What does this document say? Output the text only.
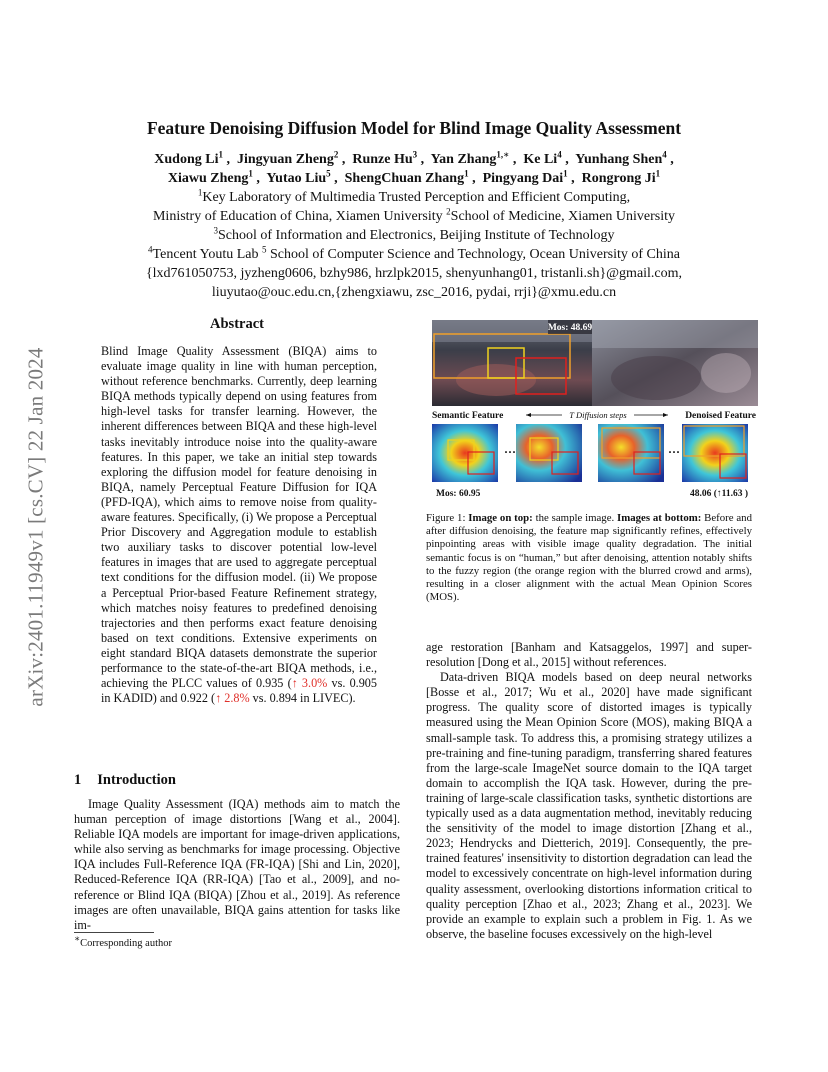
arXiv:2401.11949v1 [cs.CV] 22 Jan 2024
Feature Denoising Diffusion Model for Blind Image Quality Assessment
Xudong Li$^1$ ,  Jingyuan Zheng$^2$ ,  Runze Hu$^3$ ,  Yan Zhang$^{1,∗}$ ,  Ke Li$^4$ ,  Yunhang Shen$^4$ ,
Xiawu Zheng$^1$ ,  Yutao Liu$^5$ ,  ShengChuan Zhang$^1$ ,  Pingyang Dai$^1$ ,  Rongrong Ji$^1$
$^1$Key Laboratory of Multimedia Trusted Perception and Efficient Computing,
Ministry of Education of China, Xiamen University $^2$School of Medicine, Xiamen University
$^3$School of Information and Electronics, Beijing Institute of Technology
$^4$Tencent Youtu Lab $^5$ School of Computer Science and Technology, Ocean University of China
{lxd761050753, jyzheng0606, bzhy986, hrzlpk2015, shenyunhang01, tristanli.sh}@gmail.com,
liuyutao@ouc.edu.cn,{zhengxiawu, zsc_2016, pydai, rrji}@xmu.edu.cn
Abstract
Blind Image Quality Assessment (BIQA) aims to evaluate image quality in line with human perception, without reference benchmarks. Currently, deep learning BIQA methods typically depend on using features from high-level tasks for transfer learning. However, the inherent differences between BIQA and these high-level tasks inevitably introduce noise into the quality-aware features. In this paper, we take an initial step towards exploring the diffusion model for feature denoising in BIQA, namely Perceptual Feature Diffusion for IQA (PFD-IQA), which aims to remove noise from quality-aware features. Specifically, (i) We propose a Perceptual Prior Discovery and Aggregation module to establish two auxiliary tasks to discover potential low-level features in images that are used to aggregate perceptual text conditions for the diffusion model. (ii) We propose a Perceptual Prior-based Feature Refinement strategy, which matches noisy features to predefined denoising trajectories and then performs exact feature denoising based on text conditions. Extensive experiments on eight standard BIQA datasets demonstrate the superior performance to the state-of-the-art BIQA methods, i.e., achieving the PLCC values of 0.935 (↑ 3.0% vs. 0.905 in KADID) and 0.922 (↑ 2.8% vs. 0.894 in LIVEC).
1 Introduction

Image Quality Assessment (IQA) methods aim to match the human perception of image distortions [Wang et al., 2004]. Reliable IQA models are important for image-driven applications, while also serving as benchmarks for image processing. Objective IQA includes Full-Reference IQA (FR-IQA) [Shi and Lin, 2020], Reduced-Reference IQA (RR-IQA) [Tao et al., 2009], and no-reference or Blind IQA (BIQA) [Zhou et al., 2019]. As reference images are often unavailable, BIQA gains attention for tasks like im-

∗Corresponding author
Mos: 48.69
Semantic Feature	T Diffusion steps	Denoised Feature
···	···
Mos: 60.95	48.06 (↑11.63 )
Figure 1: Image on top: the sample image. Images at bottom: Before and after diffusion denoising, the feature map significantly refines, effectively pinpointing areas with visible image quality degradation. The initial semantic focus is on “human,” but after denoising, attention notably shifts to the fuzzy region (the orange region with the blurred crowd and arms), resulting in a closer alignment with the actual Mean Opinion Scores (MOS).

age restoration [Banham and Katsaggelos, 1997] and super-resolution [Dong et al., 2015] without references.

Data-driven BIQA models based on deep neural networks [Bosse et al., 2017; Wu et al., 2020] have made significant progress. The quality score of distorted images is typically measured using the Mean Opinion Score (MOS), making BIQA a small-sample task. To address this, a promising strategy utilizes a pre-training and fine-tuning paradigm, transferring shared features from the large-scale ImageNet source domain to the IQA target domain to accomplish the IQA task. However, during the pre-training of large-scale classification tasks, synthetic distortions are typically used as a data augmentation method, inevitably reducing the sensitivity of the model to image distortion [Zhang et al., 2023; Hendrycks and Dietterich, 2019]. Consequently, the pre-trained features' insensitivity to distortion degradation can lead the model to excessively concentrate on high-level information during quality assessment, overlooking distortions information critical to quality perception [Zhao et al., 2023; Zhang et al., 2023]. We provide an example to explain such a problem in Fig. 1. As we observe, the baseline focuses excessively on the high-level
